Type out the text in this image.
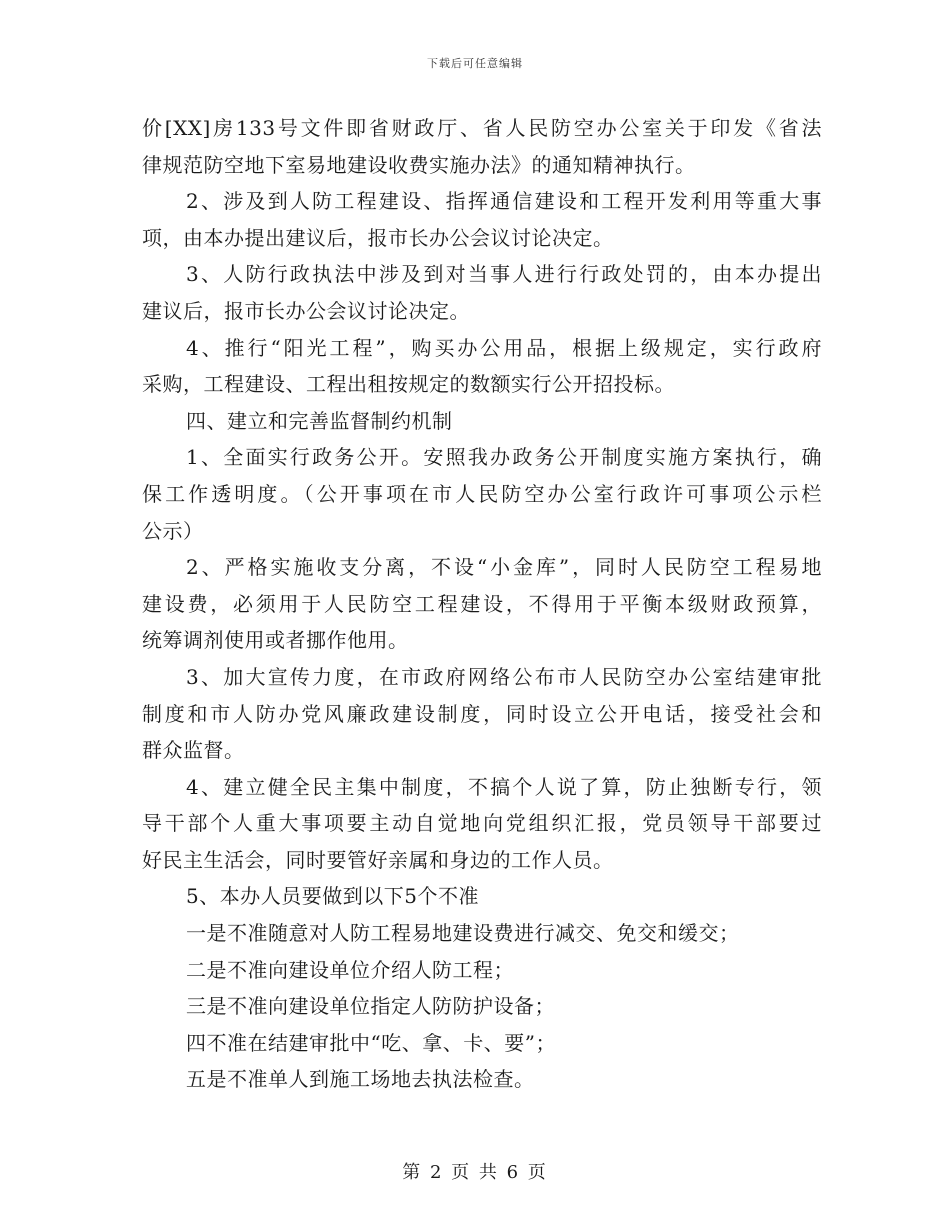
下载后可任意编辑
价[XX]房133号文件即省财政厅、省人民防空办公室关于印发《省法
律规范防空地下室易地建设收费实施办法》的通知精神执行。
2、涉及到人防工程建设、指挥通信建设和工程开发利用等重大事
项，由本办提出建议后，报市长办公会议讨论决定。
3、人防行政执法中涉及到对当事人进行行政处罚的，由本办提出
建议后，报市长办公会议讨论决定。
4、推行“阳光工程”，购买办公用品，根据上级规定，实行政府
采购，工程建设、工程出租按规定的数额实行公开招投标。
四、建立和完善监督制约机制
1、全面实行政务公开。安照我办政务公开制度实施方案执行，确
保工作透明度。（公开事项在市人民防空办公室行政许可事项公示栏
公示）
2、严格实施收支分离，不设“小金库”，同时人民防空工程易地
建设费，必须用于人民防空工程建设，不得用于平衡本级财政预算，
统筹调剂使用或者挪作他用。
3、加大宣传力度，在市政府网络公布市人民防空办公室结建审批
制度和市人防办党风廉政建设制度，同时设立公开电话，接受社会和
群众监督。
4、建立健全民主集中制度，不搞个人说了算，防止独断专行，领
导干部个人重大事项要主动自觉地向党组织汇报，党员领导干部要过
好民主生活会，同时要管好亲属和身边的工作人员。
5、本办人员要做到以下5个不准
一是不准随意对人防工程易地建设费进行减交、免交和缓交；
二是不准向建设单位介绍人防工程；
三是不准向建设单位指定人防防护设备；
四不准在结建审批中“吃、拿、卡、要”；
五是不准单人到施工场地去执法检查。
第 2 页 共 6 页
